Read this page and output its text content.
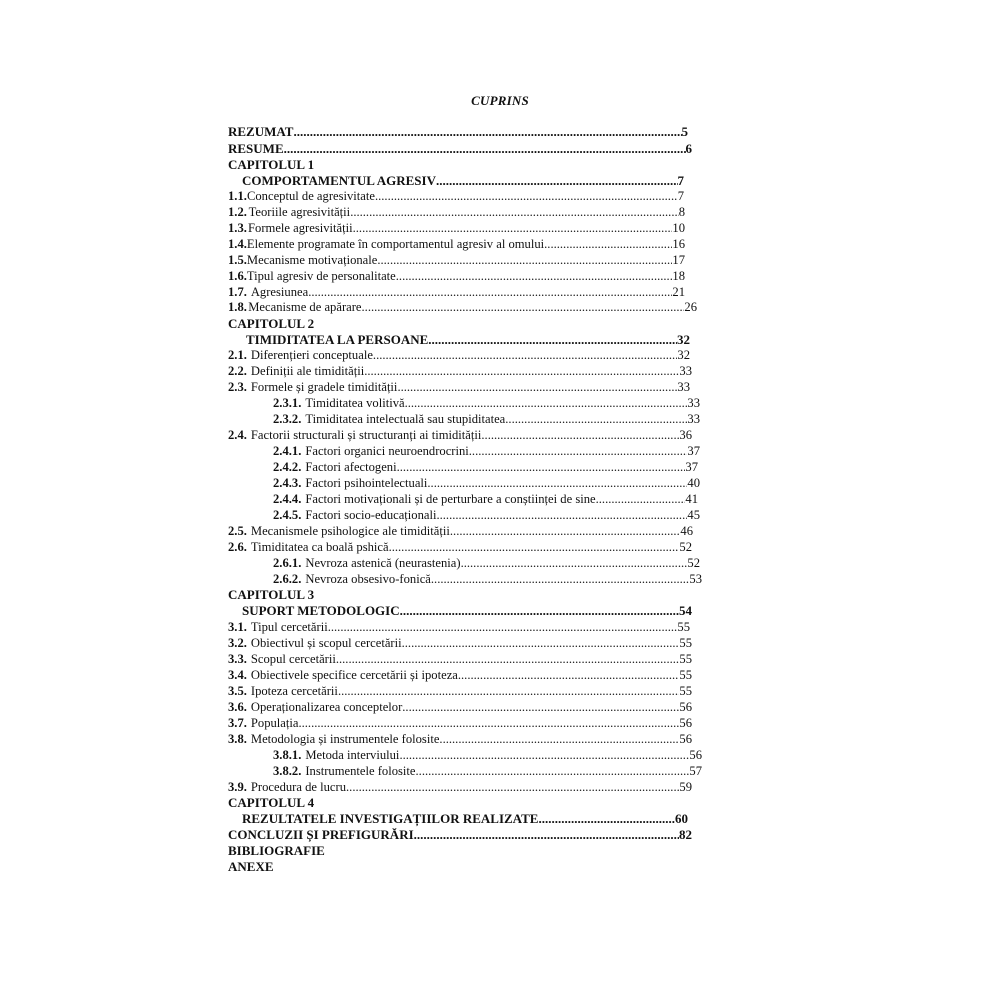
CUPRINS
REZUMAT .....	5
RESUME .....	6
CAPITOLUL 1
COMPORTAMENTUL AGRESIV .....	7
1.1. Conceptul de agresivitate .....	7
1.2. Teoriile agresivității .....	8
1.3. Formele agresivității .....	10
1.4. Elemente programate în comportamentul agresiv al omului .....	16
1.5. Mecanisme motivaționale .....	17
1.6. Tipul agresiv de personalitate .....	18
1.7. Agresiunea .....	21
1.8. Mecanisme de apărare .....	26
CAPITOLUL 2
TIMIDITATEA LA PERSOANE .....	32
2.1. Diferențieri conceptuale .....	32
2.2. Definiții ale timidității .....	33
2.3. Formele și gradele timidității .....	33
2.3.1. Timiditatea volitivă .....	33
2.3.2. Timiditatea intelectuală sau stupiditatea .....	33
2.4. Factorii structurali și structuranți ai timidității .....	36
2.4.1. Factori organici neuroendrocrini .....	37
2.4.2. Factori afectogeni .....	37
2.4.3. Factori psihointelectuali .....	40
2.4.4. Factori motivaționali și de perturbare a conștiinței de sine .....	41
2.4.5. Factori socio-educaționali .....	45
2.5. Mecanismele psihologice ale timidității .....	46
2.6. Timiditatea ca boală pshică .....	52
2.6.1. Nevroza astenică (neurastenia) .....	52
2.6.2. Nevroza obsesivo-fonică .....	53
CAPITOLUL 3
SUPORT METODOLOGIC .....	54
3.1. Tipul cercetării .....	55
3.2. Obiectivul și scopul cercetării .....	55
3.3. Scopul cercetării .....	55
3.4. Obiectivele specifice cercetării și ipoteza .....	55
3.5. Ipoteza cercetării .....	55
3.6. Operaționalizarea conceptelor .....	56
3.7. Populația .....	56
3.8. Metodologia și instrumentele folosite .....	56
3.8.1. Metoda interviului .....	56
3.8.2. Instrumentele folosite .....	57
3.9. Procedura de lucru .....	59
CAPITOLUL 4
REZULTATELE INVESTIGAȚIILOR REALIZATE .....	60
CONCLUZII ȘI PREFIGURĂRI .....	82
BIBLIOGRAFIE
ANEXE
